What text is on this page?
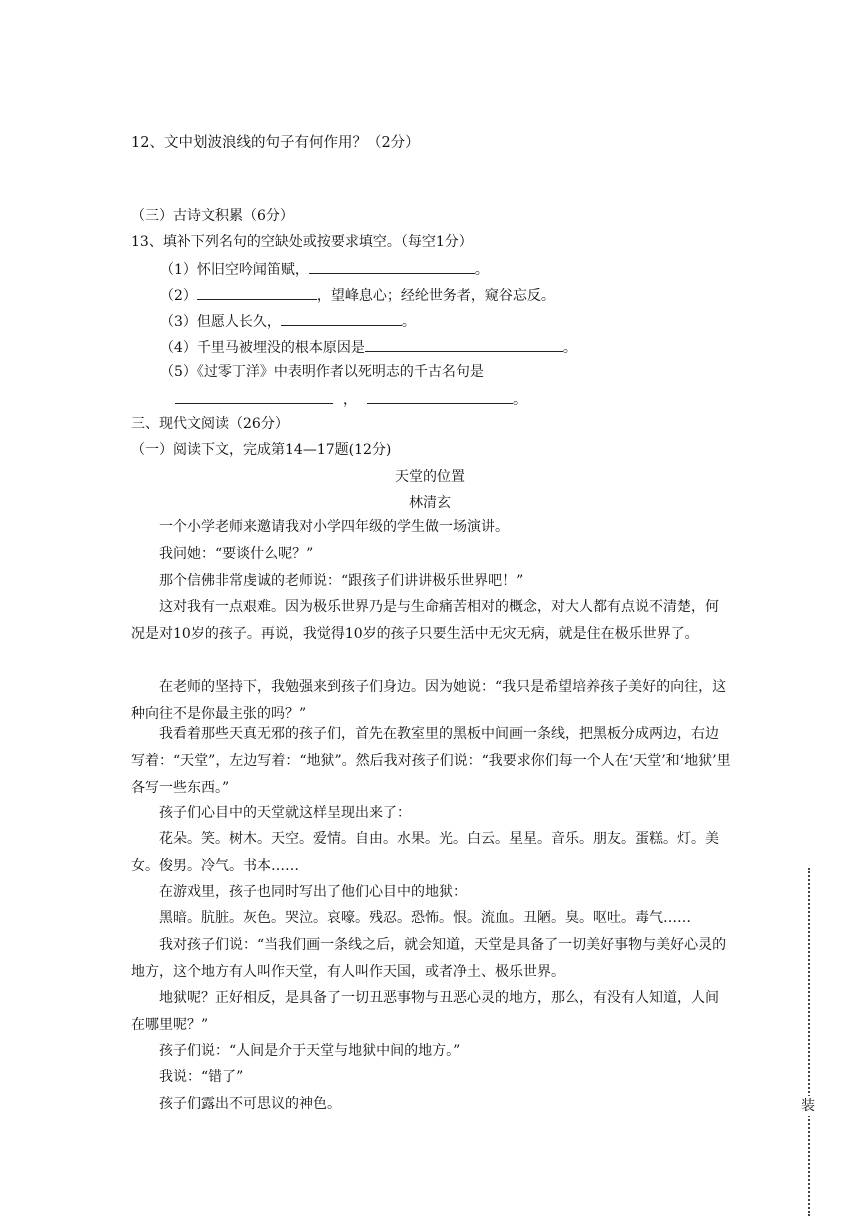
12、文中划波浪线的句子有何作用？（2分）
（三）古诗文积累（6分）
13、填补下列名句的空缺处或按要求填空。（每空1分）
（1）怀旧空吟闻笛赋，	。
（2）	，望峰息心；经纶世务者，窥谷忘反。
（3）但愿人长久，	。
（4）千里马被埋没的根本原因是	。
（5）《过零丁洋》中表明作者以死明志的千古名句是
，	。
三、现代文阅读（26分）
（一）阅读下文，完成第14—17题(12分)
天堂的位置
林清玄
一个小学老师来邀请我对小学四年级的学生做一场演讲。
我问她：“要谈什么呢？”
那个信佛非常虔诚的老师说：“跟孩子们讲讲极乐世界吧！”
这对我有一点艰难。因为极乐世界乃是与生命痛苦相对的概念，对大人都有点说不清楚，何况是对10岁的孩子。再说，我觉得10岁的孩子只要生活中无灾无病，就是住在极乐世界了。
在老师的坚持下，我勉强来到孩子们身边。因为她说：“我只是希望培养孩子美好的向往，这种向往不是你最主张的吗？”
我看着那些天真无邪的孩子们，首先在教室里的黑板中间画一条线，把黑板分成两边，右边写着：“天堂”，左边写着：“地狱”。然后我对孩子们说：“我要求你们每一个人在‘天堂’和‘地狱’里各写一些东西。”
孩子们心目中的天堂就这样呈现出来了：
花朵。笑。树木。天空。爱情。自由。水果。光。白云。星星。音乐。朋友。蛋糕。灯。美女。俊男。冷气。书本……
在游戏里，孩子也同时写出了他们心目中的地狱：
黑暗。肮脏。灰色。哭泣。哀嚎。残忍。恐怖。恨。流血。丑陋。臭。呕吐。毒气……
我对孩子们说：“当我们画一条线之后，就会知道，天堂是具备了一切美好事物与美好心灵的地方，这个地方有人叫作天堂，有人叫作天国，或者净土、极乐世界。
地狱呢？正好相反，是具备了一切丑恶事物与丑恶心灵的地方，那么，有没有人知道，人间在哪里呢？”
孩子们说：“人间是介于天堂与地狱中间的地方。”
我说：“错了”
孩子们露出不可思议的神色。	装
